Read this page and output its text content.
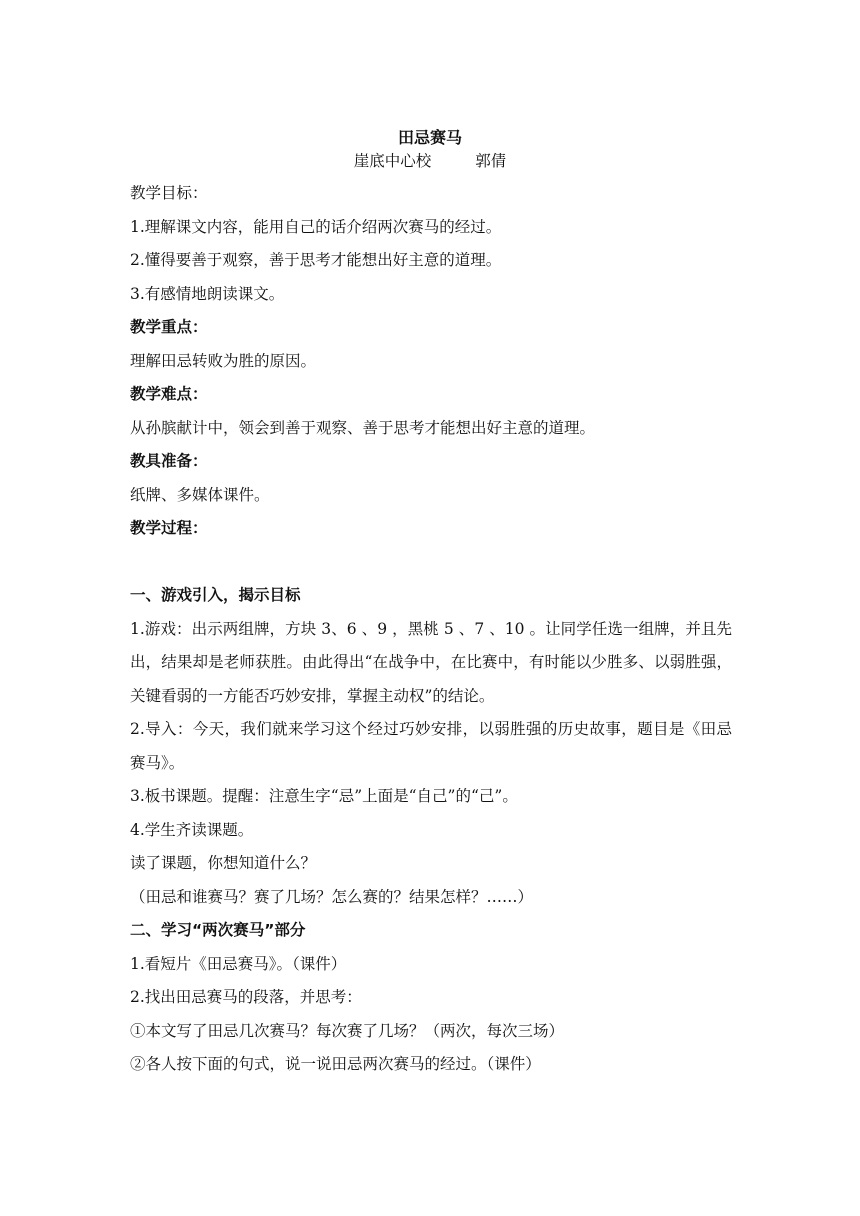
田忌赛马
崖底中心校	郭倩
教学目标：
1.理解课文内容，能用自己的话介绍两次赛马的经过。
2.懂得要善于观察，善于思考才能想出好主意的道理。
3.有感情地朗读课文。
教学重点：
理解田忌转败为胜的原因。
教学难点：
从孙膑献计中，领会到善于观察、善于思考才能想出好主意的道理。
教具准备：
纸牌、多媒体课件。
教学过程：
一、游戏引入，揭示目标
1.游戏：出示两组牌，方块 3、6 、9 ，黑桃 5 、7 、10 。让同学任选一组牌，并且先出，结果却是老师获胜。由此得出“在战争中，在比赛中，有时能以少胜多、以弱胜强，关键看弱的一方能否巧妙安排，掌握主动权”的结论。
2.导入：今天，我们就来学习这个经过巧妙安排，以弱胜强的历史故事，题目是《田忌赛马》。
3.板书课题。提醒：注意生字“忌”上面是“自己”的“己”。
4.学生齐读课题。
读了课题，你想知道什么？
（田忌和谁赛马？赛了几场？怎么赛的？结果怎样？……）
二、学习“两次赛马”部分
1.看短片《田忌赛马》。（课件）
2.找出田忌赛马的段落，并思考：
①本文写了田忌几次赛马？每次赛了几场？（两次，每次三场）
②各人按下面的句式，说一说田忌两次赛马的经过。（课件）
